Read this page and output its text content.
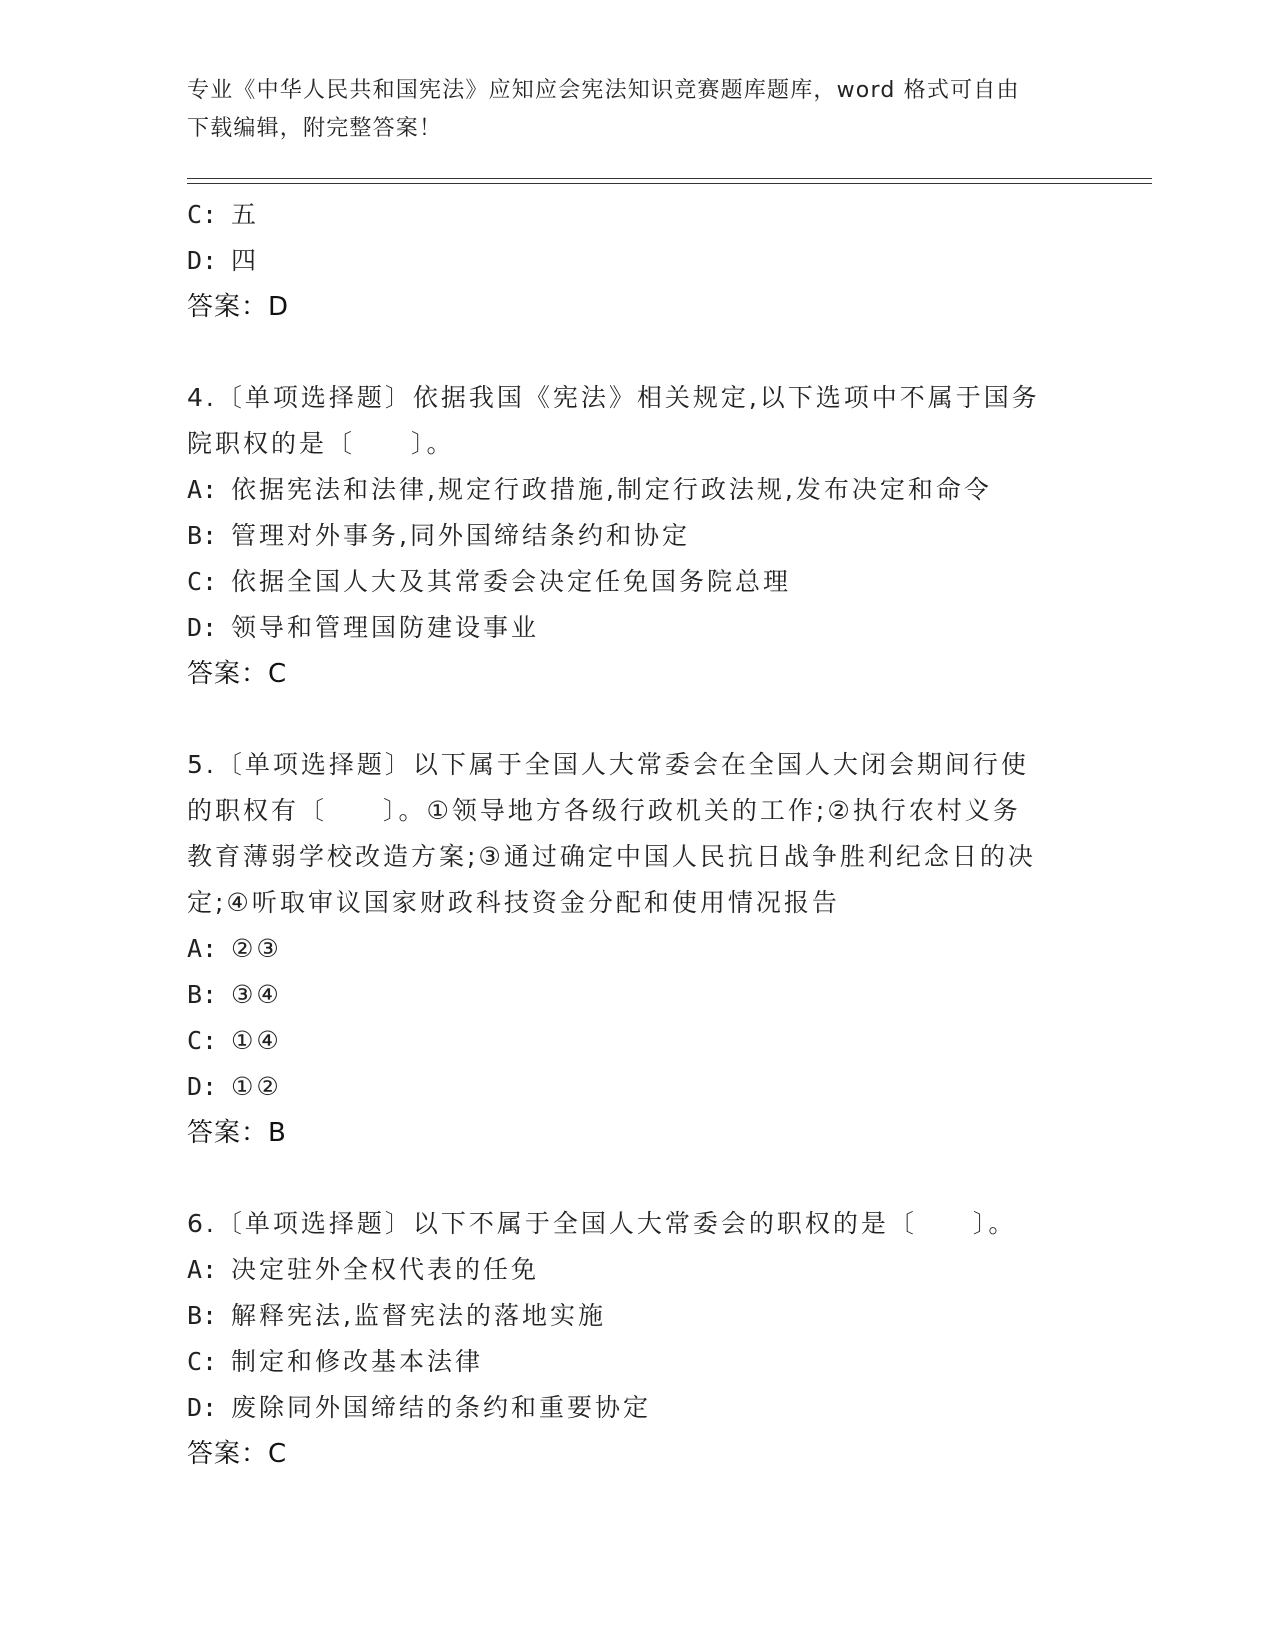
专业《中华人民共和国宪法》应知应会宪法知识竞赛题库题库，word 格式可自由
下载编辑，附完整答案！
C: 五
D: 四
答案：D
4.〔单项选择题〕依据我国《宪法》相关规定,以下选项中不属于国务
院职权的是〔　　〕。
A: 依据宪法和法律,规定行政措施,制定行政法规,发布决定和命令
B: 管理对外事务,同外国缔结条约和协定
C: 依据全国人大及其常委会决定任免国务院总理
D: 领导和管理国防建设事业
答案：C
5.〔单项选择题〕以下属于全国人大常委会在全国人大闭会期间行使
的职权有〔　　〕。①领导地方各级行政机关的工作;②执行农村义务
教育薄弱学校改造方案;③通过确定中国人民抗日战争胜利纪念日的决
定;④听取审议国家财政科技资金分配和使用情况报告
A: ②③
B: ③④
C: ①④
D: ①②
答案：B
6.〔单项选择题〕以下不属于全国人大常委会的职权的是〔　　〕。
A: 决定驻外全权代表的任免
B: 解释宪法,监督宪法的落地实施
C: 制定和修改基本法律
D: 废除同外国缔结的条约和重要协定
答案：C
